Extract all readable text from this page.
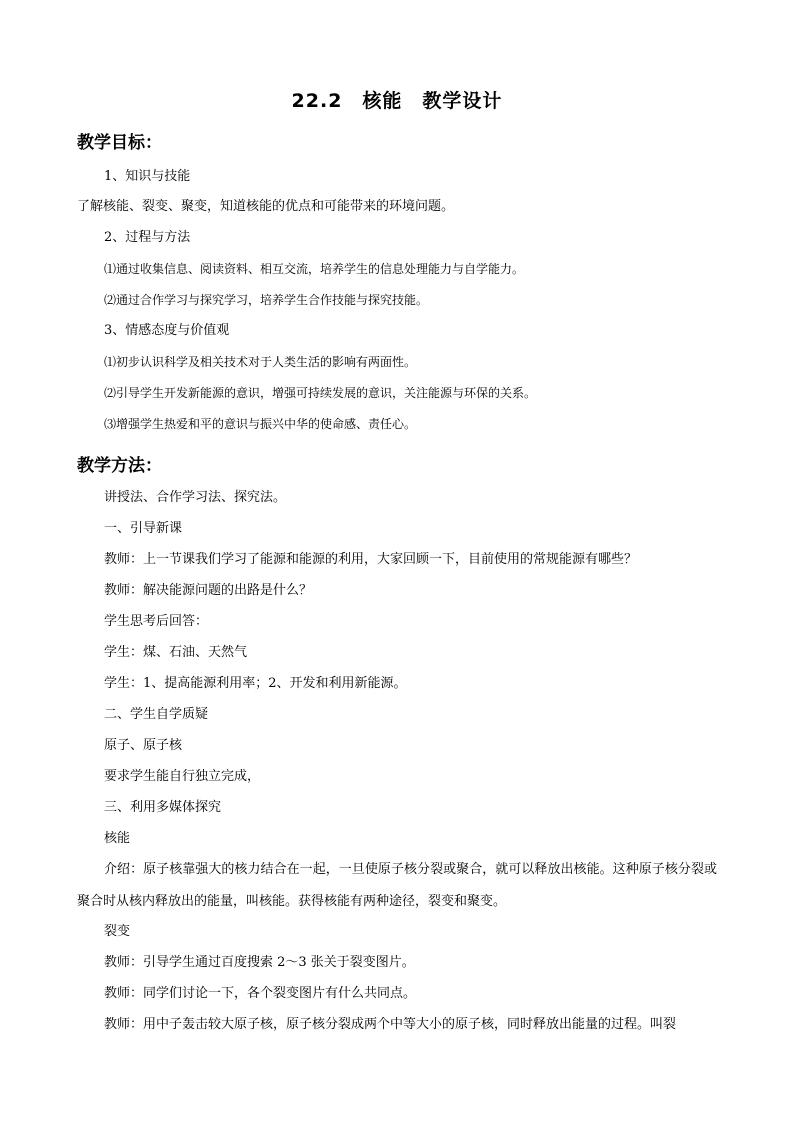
22.2　核能　教学设计
教学目标：

1、知识与技能

了解核能、裂变、聚变，知道核能的优点和可能带来的环境问题。

2、过程与方法

⑴通过收集信息、阅读资料、相互交流，培养学生的信息处理能力与自学能力。

⑵通过合作学习与探究学习，培养学生合作技能与探究技能。

3、情感态度与价值观

⑴初步认识科学及相关技术对于人类生活的影响有两面性。

⑵引导学生开发新能源的意识，增强可持续发展的意识，关注能源与环保的关系。

⑶增强学生热爱和平的意识与振兴中华的使命感、责任心。

教学方法：

讲授法、合作学习法、探究法。

一、引导新课

教师：上一节课我们学习了能源和能源的利用，大家回顾一下，目前使用的常规能源有哪些？

教师：解决能源问题的出路是什么？

学生思考后回答：

学生：煤、石油、天然气

学生：1、提高能源利用率；2、开发和利用新能源。

二、学生自学质疑

原子、原子核

要求学生能自行独立完成，

三、利用多媒体探究

核能

介绍：原子核靠强大的核力结合在一起，一旦使原子核分裂或聚合，就可以释放出核能。这种原子核分裂或聚合时从核内释放出的能量，叫核能。获得核能有两种途径，裂变和聚变。

裂变

教师：引导学生通过百度搜索 2～3 张关于裂变图片。

教师：同学们讨论一下，各个裂变图片有什么共同点。

教师：用中子轰击较大原子核，原子核分裂成两个中等大小的原子核，同时释放出能量的过程。叫裂
